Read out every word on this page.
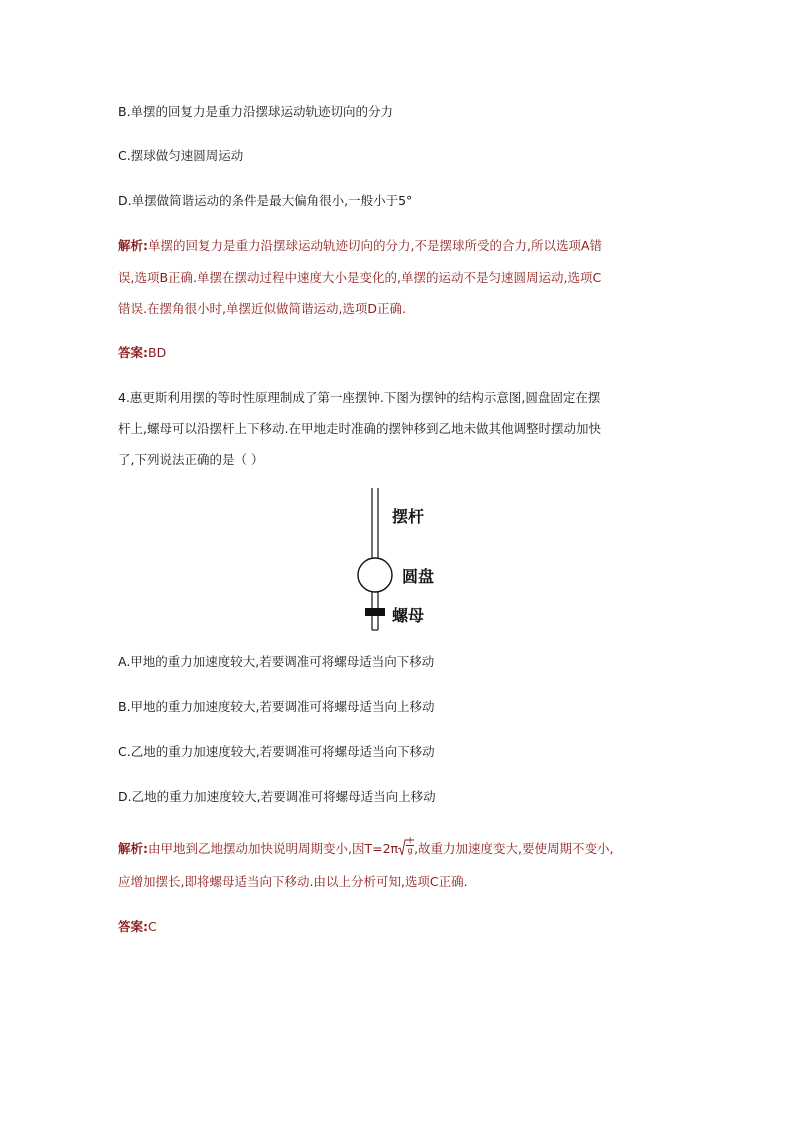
B.单摆的回复力是重力沿摆球运动轨迹切向的分力
C.摆球做匀速圆周运动
D.单摆做简谐运动的条件是最大偏角很小,一般小于5°
解析:单摆的回复力是重力沿摆球运动轨迹切向的分力,不是摆球所受的合力,所以选项A错
误,选项B正确.单摆在摆动过程中速度大小是变化的,单摆的运动不是匀速圆周运动,选项C
错误.在摆角很小时,单摆近似做简谐运动,选项D正确.
答案:BD
4.惠更斯利用摆的等时性原理制成了第一座摆钟.下图为摆钟的结构示意图,圆盘固定在摆
杆上,螺母可以沿摆杆上下移动.在甲地走时准确的摆钟移到乙地未做其他调整时摆动加快
了,下列说法正确的是（ ）
摆杆
圆盘
螺母
A.甲地的重力加速度较大,若要调准可将螺母适当向下移动
B.甲地的重力加速度较大,若要调准可将螺母适当向上移动
C.乙地的重力加速度较大,若要调准可将螺母适当向下移动
D.乙地的重力加速度较大,若要调准可将螺母适当向上移动
解析:由甲地到乙地摆动加快说明周期变小,因$T=2\pi \frac{l}{g}$ ,故重力加速度变大,要使周期不变小,
应增加摆长,即将螺母适当向下移动.由以上分析可知,选项C正确.
答案:C
